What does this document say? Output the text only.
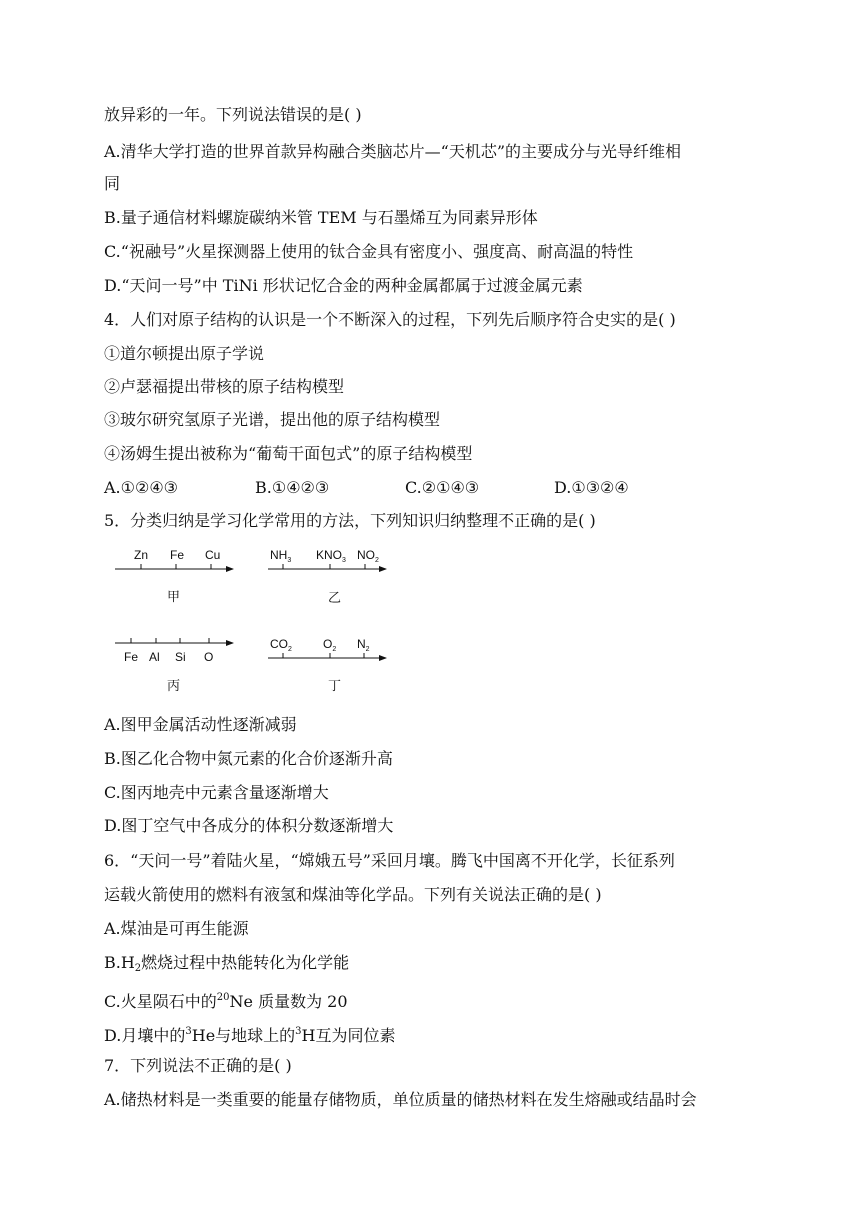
放异彩的一年。下列说法错误的是( )
A.清华大学打造的世界首款异构融合类脑芯片—“天机芯”的主要成分与光导纤维相
同
B.量子通信材料螺旋碳纳米管 TEM 与石墨烯互为同素异形体
C.“祝融号”火星探测器上使用的钛合金具有密度小、强度高、耐高温的特性
D.“天问一号”中 TiNi 形状记忆合金的两种金属都属于过渡金属元素
4．人们对原子结构的认识是一个不断深入的过程，下列先后顺序符合史实的是( )
①道尔顿提出原子学说
②卢瑟福提出带核的原子结构模型
③玻尔研究氢原子光谱，提出他的原子结构模型
④汤姆生提出被称为“葡萄干面包式”的原子结构模型
A.①②④③	B.①④②③	C.②①④③	D.①③②④
5．分类归纳是学习化学常用的方法，下列知识归纳整理不正确的是( )
Zn Fe Cu
甲
$NH_3$ $KNO_3$ $NO_2$
乙
Fe Al Si O
丙
$CO_2$	$O_2$ $N_2$
丁
A.图甲金属活动性逐渐减弱
B.图乙化合物中氮元素的化合价逐渐升高
C.图丙地壳中元素含量逐渐增大
D.图丁空气中各成分的体积分数逐渐增大
6．“天问一号”着陆火星，“嫦娥五号”采回月壤。腾飞中国离不开化学，长征系列
运载火箭使用的燃料有液氢和煤油等化学品。下列有关说法正确的是( )
A.煤油是可再生能源
$B.H_2$燃烧过程中热能转化为化学能
C.火星陨石中的$^{20}$Ne 质量数为 20
D.月壤中的$^3$He与地球上的$^3$H互为同位素
7．下列说法不正确的是( )
A.储热材料是一类重要的能量存储物质，单位质量的储热材料在发生熔融或结晶时会
